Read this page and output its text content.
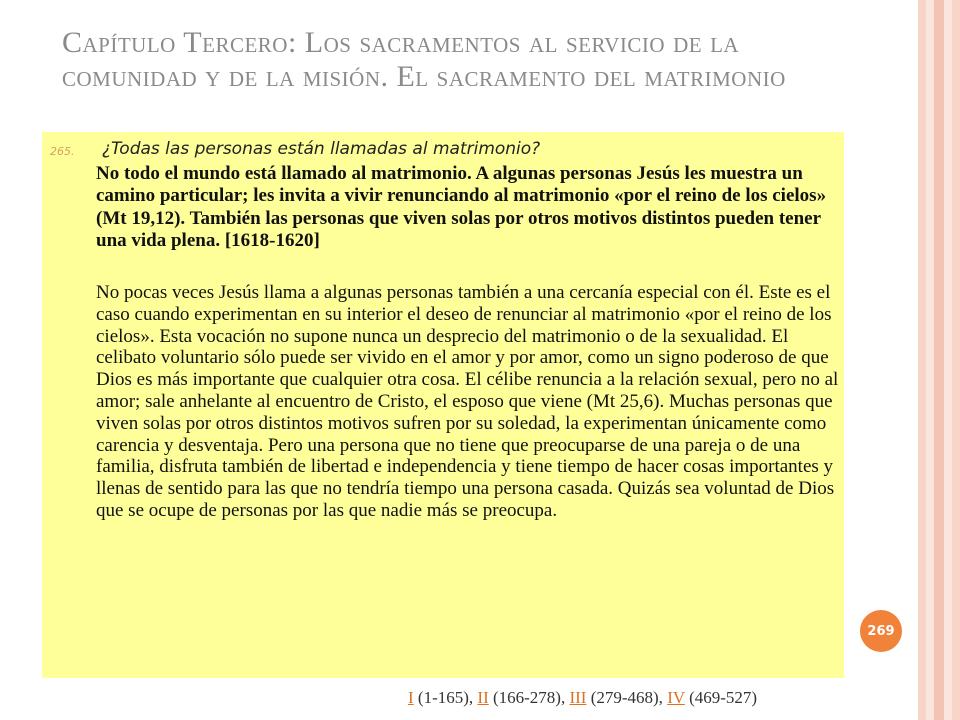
Capítulo Tercero: Los sacramentos al servicio de la comunidad y de la misión. El sacramento del matrimonio
265. ¿Todas las personas están llamadas al matrimonio?

No todo el mundo está llamado al matrimonio. A algunas personas Jesús les muestra un camino particular; les invita a vivir renunciando al matrimonio «por el reino de los cielos» (Mt 19,12). También las personas que viven solas por otros motivos distintos pueden tener una vida plena. [1618-1620]

No pocas veces Jesús llama a algunas personas también a una cercanía especial con él. Este es el caso cuando experimentan en su interior el deseo de renunciar al matrimonio «por el reino de los cielos». Esta vocación no supone nunca un desprecio del matrimonio o de la sexualidad. El celibato voluntario sólo puede ser vivido en el amor y por amor, como un signo poderoso de que Dios es más importante que cualquier otra cosa. El célibe renuncia a la relación sexual, pero no al amor; sale anhelante al encuentro de Cristo, el esposo que viene (Mt 25,6). Muchas personas que viven solas por otros distintos motivos sufren por su soledad, la experimentan únicamente como carencia y desventaja. Pero una persona que no tiene que preocuparse de una pareja o de una familia, disfruta también de libertad e independencia y tiene tiempo de hacer cosas importantes y llenas de sentido para las que no tendría tiempo una persona casada. Quizás sea voluntad de Dios que se ocupe de personas por las que nadie más se preocupa.

269
I (1-165), II (166-278), III (279-468), IV (469-527)
